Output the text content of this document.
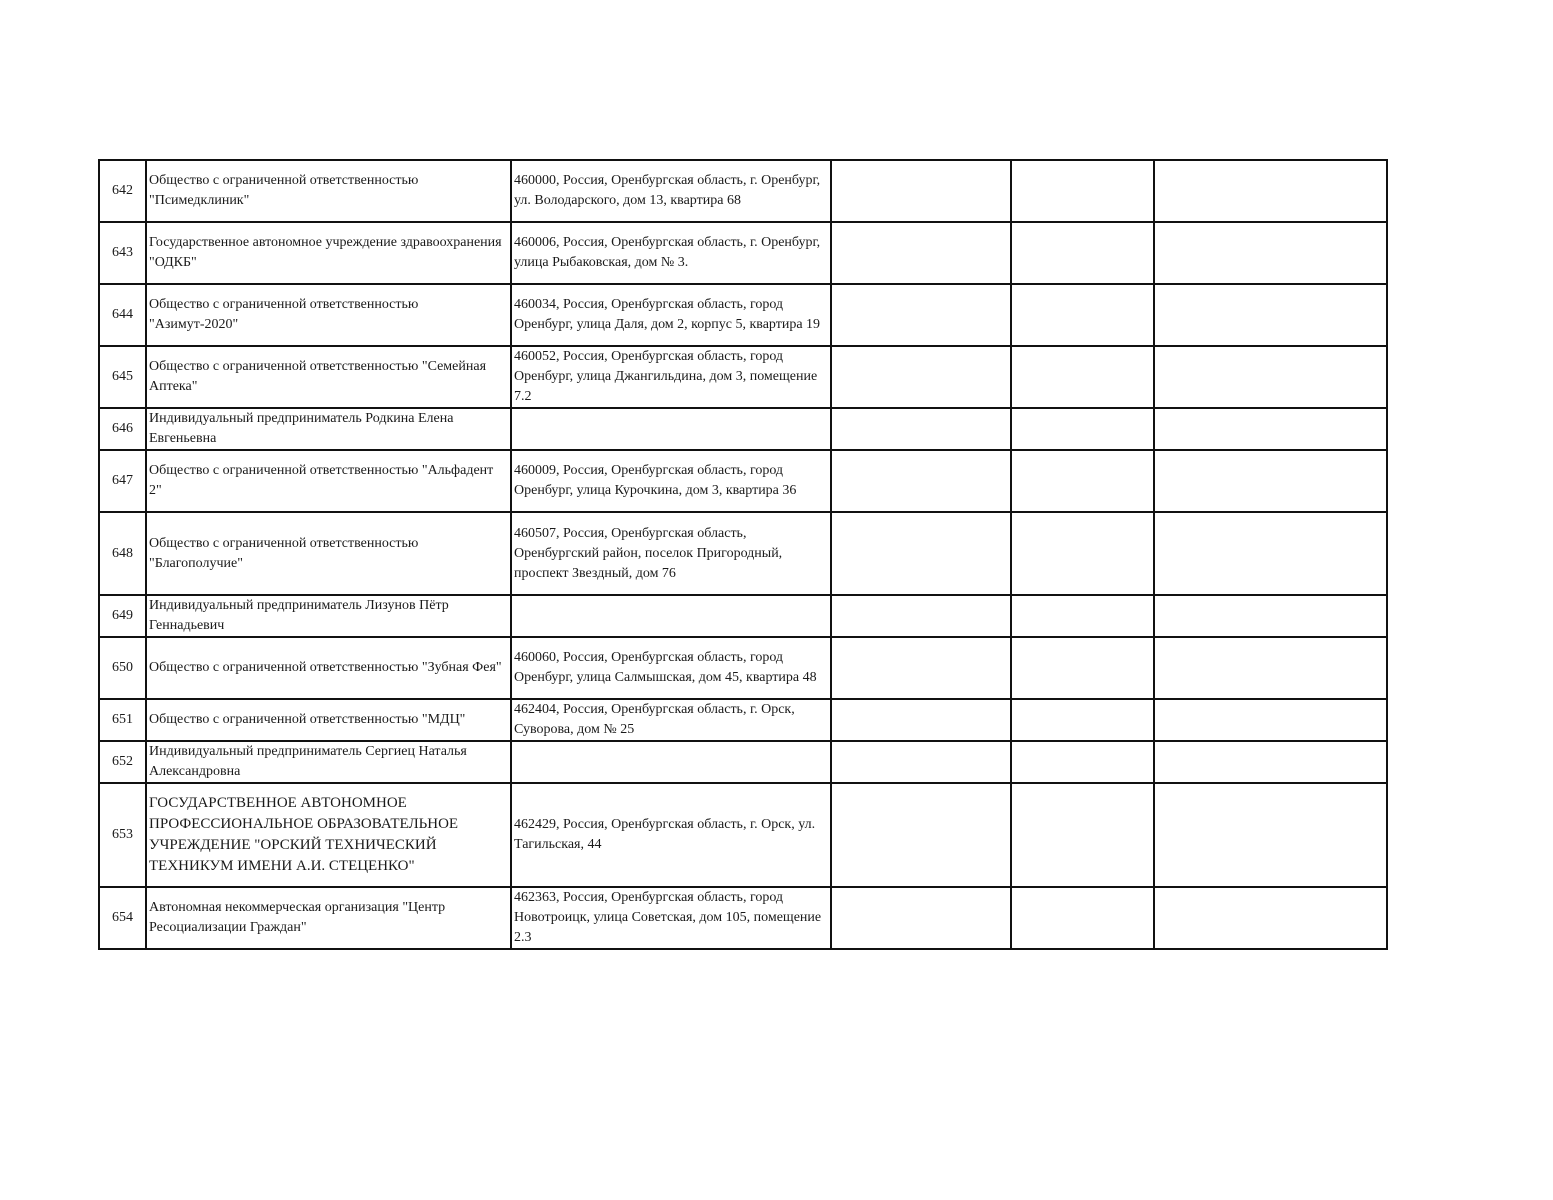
642	Общество с ограниченной ответственностью "Псимедклиник"	460000, Россия, Оренбургская область, г. Оренбург, ул. Володарского, дом 13, квартира 68			
643	Государственное автономное учреждение здравоохранения "ОДКБ"	460006, Россия, Оренбургская область, г. Оренбург, улица Рыбаковская, дом № 3.			
644	Общество с ограниченной ответственностью "Азимут-2020"	460034, Россия, Оренбургская область, город Оренбург, улица Даля, дом 2, корпус 5, квартира 19			
645	Общество с ограниченной ответственностью "Семейная Аптека"	460052, Россия, Оренбургская область, город Оренбург, улица Джангильдина, дом 3, помещение 7.2			
646	Индивидуальный предприниматель Родкина Елена Евгеньевна				
647	Общество с ограниченной ответственностью "Альфадент 2"	460009, Россия, Оренбургская область, город Оренбург, улица Курочкина, дом 3, квартира 36			
648	Общество с ограниченной ответственностью "Благополучие"	460507, Россия, Оренбургская область, Оренбургский район, поселок Пригородный, проспект Звездный, дом 76			
649	Индивидуальный предприниматель Лизунов Пётр Геннадьевич				
650	Общество с ограниченной ответственностью "Зубная Фея"	460060, Россия, Оренбургская область, город Оренбург, улица Салмышская, дом 45, квартира 48			
651	Общество с ограниченной ответственностью "МДЦ"	462404, Россия, Оренбургская область, г. Орск, Суворова, дом № 25			
652	Индивидуальный предприниматель Сергиец Наталья Александровна				
653	ГОСУДАРСТВЕННОЕ АВТОНОМНОЕ ПРОФЕССИОНАЛЬНОЕ ОБРАЗОВАТЕЛЬНОЕ УЧРЕЖДЕНИЕ "ОРСКИЙ ТЕХНИЧЕСКИЙ ТЕХНИКУМ ИМЕНИ А.И. СТЕЦЕНКО"	462429, Россия, Оренбургская область, г. Орск, ул. Тагильская, 44			
654	Автономная некоммерческая организация "Центр Ресоциализации Граждан"	462363, Россия, Оренбургская область, город Новотроицк, улица Советская, дом 105, помещение 2.3			
